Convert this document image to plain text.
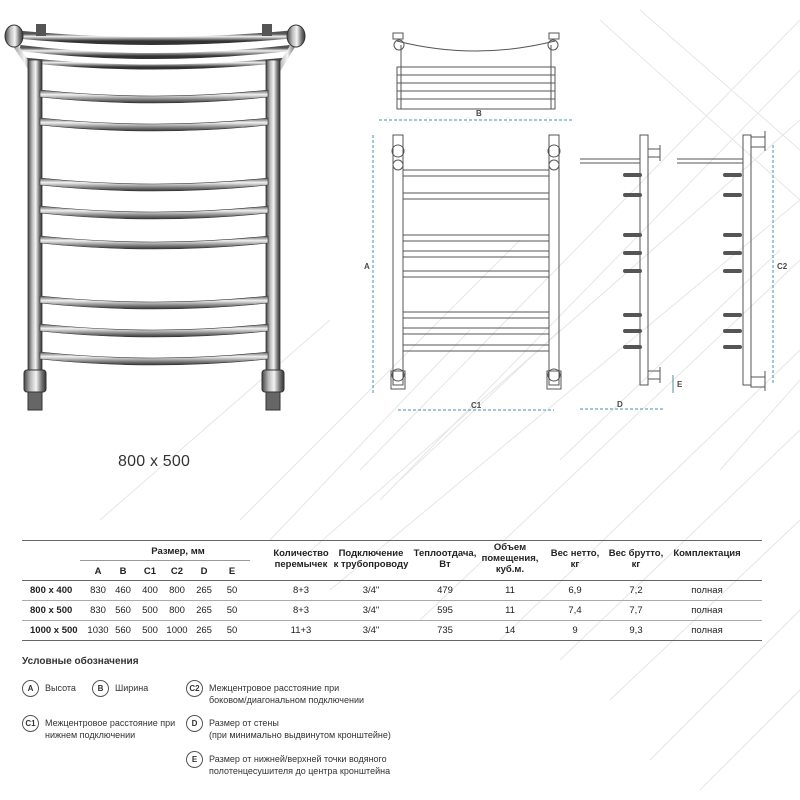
800 x 500
B
A
C1	D
E
C2
Размер, мм
A B C1 C2 D E
Количество
перемычек
Подключение
к трубопроводу
Теплоотдача,
Вт
Объем
помещения,
куб.м.
Вес нетто,
кг
Вес брутто,
кг
Комплектация
800 x 400 830 460 400 800 265 50	8+3	3/4"	479	11	6,9	7,2	полная
800 x 500 830 560 500 800 265 50	8+3	3/4"	595	11	7,4	7,7	полная
1000 x 500 1030 560 500 1000 265 50	11+3	3/4"	735	14	9	9,3	полная
Условные обозначения
A	Высота	B	Ширина	C2	Межцентровое расстояние при
боковом/диагональном подключении
C1	Межцентровое расстояние при
нижнем подключении
D	Размер от стены
(при минимально выдвинутом кронштейне)
E	Размер от нижней/верхней точки водяного
полотенцесушителя до центра кронштейна
